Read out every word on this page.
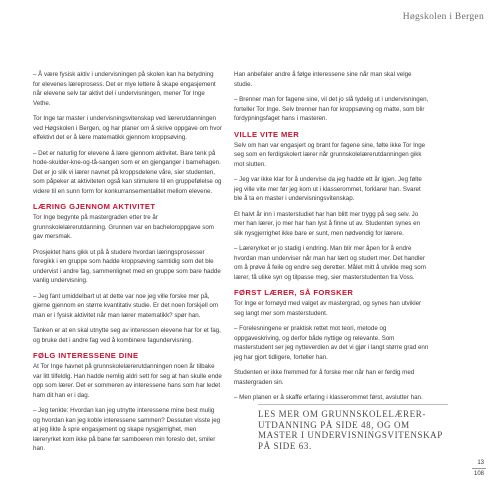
Høgskolen i Bergen

– Å være fysisk aktiv i undervisningen på skolen kan ha betydning for elevenes læreprosess. Det er mye lettere å skape engasjement når elevene selv tar aktivt del i undervisningen, mener Tor Inge Vethe.

Tor Inge tar master i undervisningsvitenskap ved lærerutdanningen ved Høgskolen i Bergen, og har planer om å skrive oppgave om hvor effektivt det er å lære matematikk gjennom kroppsøving.

– Det er naturlig for elevene å lære gjennom aktivitet. Bare tenk på hode-skulder-kne-og-tå-sangen som er en gjenganger i barnehagen. Det er jo slik vi lærer navnet på kroppsdelene våre, sier studenten, som påpeker at aktiviteten også kan stimulere til en gruppefølelse og videre til en sunn form for konkurransementalitet mellom elevene.

LÆRING GJENNOM AKTIVITET

Tor Inge begynte på mastergraden etter tre år grunnskolelærerutdanning. Grunnen var en bacheloroppgave som gav mersmak.

Prosjektet hans gikk ut på å studere hvordan læringsprosesser foregikk i en gruppe som hadde kroppsøving samtidig som det ble undervist i andre fag, sammenlignet med en gruppe som bare hadde vanlig undervisning.

– Jeg fant umiddelbart ut at dette var noe jeg ville forske mer på, gjerne gjennom en større kvantitativ studie. Er det noen forskjell om man er i fysisk aktivitet når man lærer matematikk? spør han.

Tanken er at en skal utnytte seg av interessen elevene har for et fag, og bruke det i andre fag ved å kombinere fagundervisning.

FØLG INTERESSENE DINE

At Tor Inge havnet på grunnskolelærerutdanningen noen år tilbake var litt tilfeldig. Han hadde nemlig aldri sett for seg at han skulle ende opp som lærer. Det er sommeren av interessene hans som har ledet ham dit han er i dag.

– Jeg tenkte: Hvordan kan jeg utnytte interessene mine best mulig og hvordan kan jeg koble interessene sammen? Dessuten visste jeg at jeg likte å spre engasjement og skape nysgjerrighet, men læreryrket kom ikke på bane før samboeren min foreslo det, smiler han.

Han anbefaler andre å følge interessene sine når man skal velge studie.

– Brenner man for fagene sine, vil det jo slå tydelig ut i undervisningen, forteller Tor Inge. Selv brenner han for kroppsøving og matte, som blir fordypningsfaget hans i masteren.

VILLE VITE MER

Selv om han var engasjert og brant for fagene sine, følte ikke Tor Inge seg som en ferdigskolert lærer når grunnskolelærerutdanningen gikk mot slutten.

– Jeg var ikke klar for å undervise da jeg hadde ett år igjen. Jeg følte jeg ville vite mer før jeg kom ut i klasserommet, forklarer han. Svaret ble å ta en master i undervisningsvitenskap.

Et halvt år inn i masterstudiet har han blitt mer trygg på seg selv. Jo mer han lærer, jo mer har han lyst å finne ut av. Studenten synes en slik nysgjerrighet ikke bare er sunt, men nødvendig for lærere.

– Læreryrket er jo stadig i endring. Man blir mer åpen for å endre hvordan man underviser når man har lært og studert mer. Det handler om å prøve å feile og endre seg deretter. Målet mitt å utvikle meg som lærer, få ulike syn og tilpasse meg, sier masterstudenten fra Voss.

FØRST LÆRER, SÅ FORSKER

Tor Inge er fornøyd med valget av mastergrad, og synes han utvikler seg langt mer som masterstudent.

– Forelesningene er praktisk rettet mot teori, metode og oppgaveskriving, og derfor både nyttige og relevante. Som masterstudent ser jeg nytteverdien av det vi gjør i langt større grad enn jeg har gjort tidligere, forteller han.

Studenten er ikke fremmed for å forske mer når han er ferdig med mastergraden sin.

– Men planen er å skaffe erfaring i klasserommet først, avslutter han.

LES MER OM GRUNNSKOLELÆRER-UTDANNING PÅ SIDE 48, OG OM MASTER I UNDERVISNINGSVITENSKAP PÅ SIDE 63.

13
108
